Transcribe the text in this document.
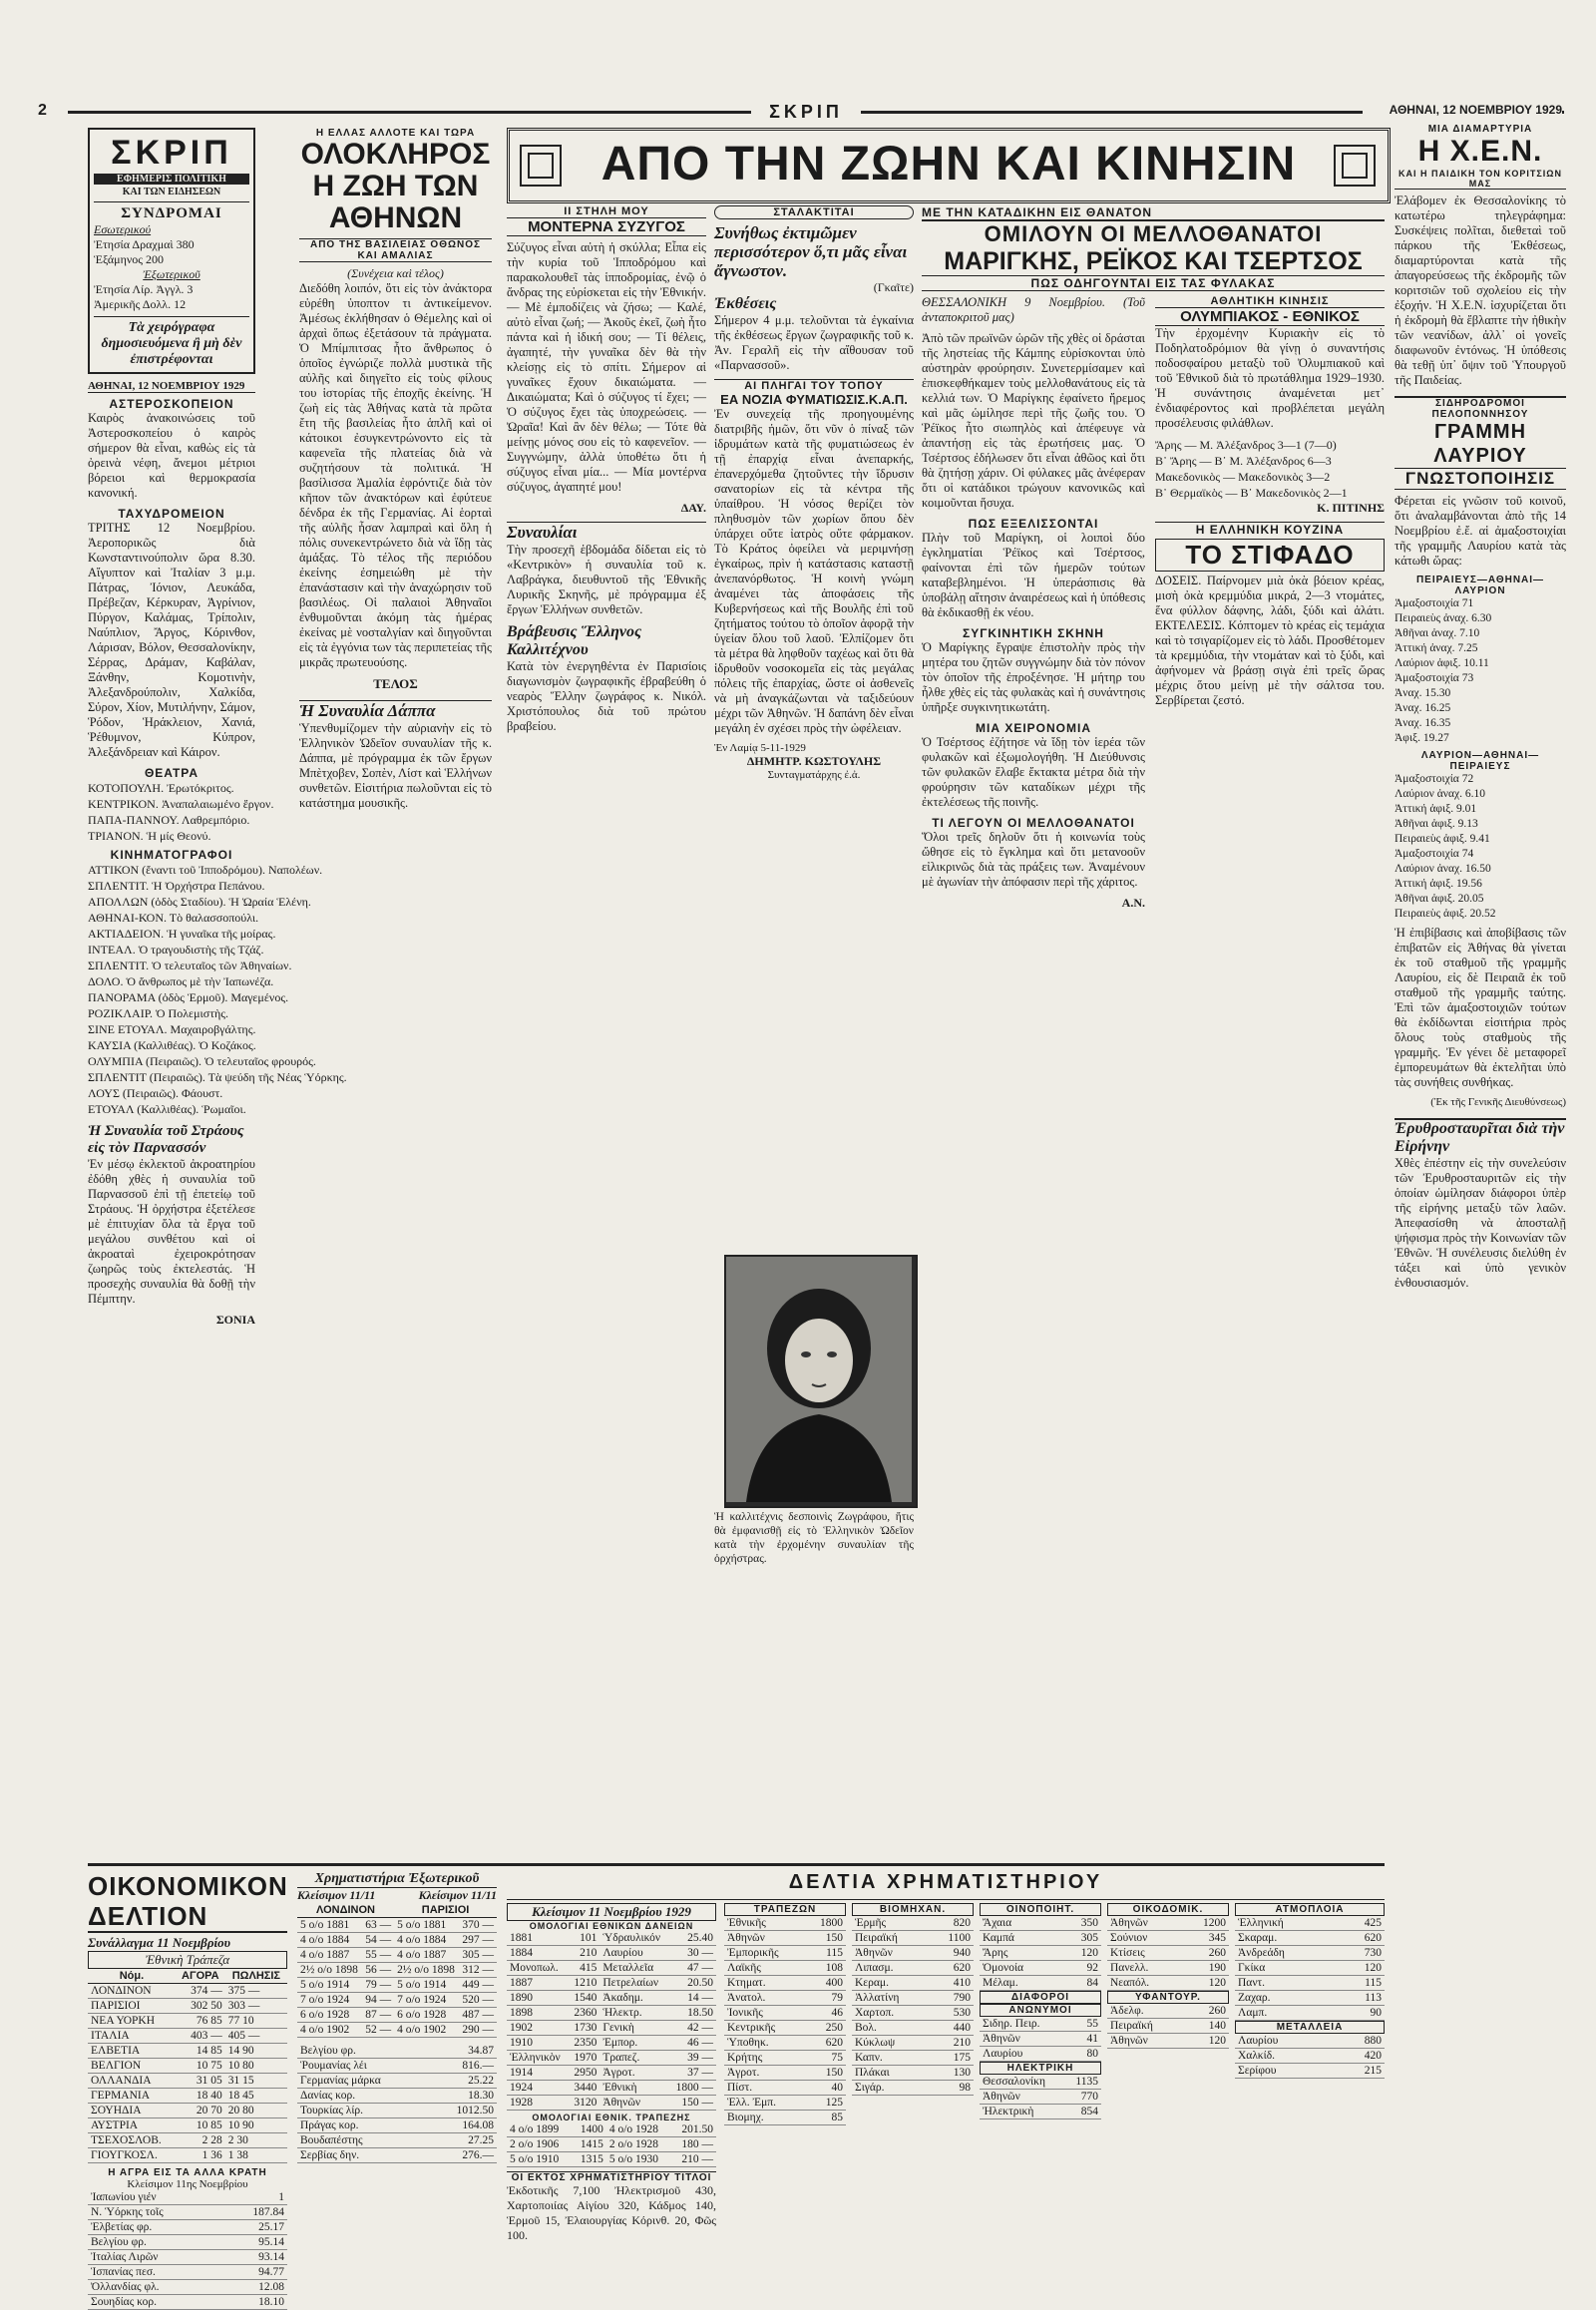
2	ΣΚΡΙΠ	ΑΘΗΝΑΙ, 12 ΝΟΕΜΒΡΙΟΥ 1929
ΣΚΡΙΠ
ΕΦΗΜΕΡΙΣ ΠΟΛΙΤΙΚΗ
ΚΑΙ ΤΩΝ ΕΙΔΗΣΕΩΝ
ΣΥΝΔΡΟΜΑΙ
Εσωτερικού
Ἐτησία Δραχμαὶ 380
Ἑξάμηνος 200
Ἐξωτερικοῦ
Ἐτησία Λίρ. Ἀγγλ. 3
Ἀμερικῆς Δολλ. 12
Τὰ χειρόγραφα δημοσιευόμενα ἢ μὴ δὲν ἐπιστρέφονται
ΑΘΗΝΑΙ, 12 ΝΟΕΜΒΡΙΟΥ 1929
ΑΣΤΕΡΟΣΚΟΠΕΙΟΝ

Καιρὸς ἀνακοινώσεις τοῦ Ἀστεροσκοπείου ὁ καιρὸς σήμερον θὰ εἶναι, καθὼς εἰς τὰ ὀρεινὰ νέφη, ἄνεμοι μέτριοι βόρειοι καὶ θερμοκρασία κανονική.

ΤΑΧΥΔΡΟΜΕΙΟΝ

ΤΡΙΤΗΣ 12 Νοεμβρίου. Ἀεροπορικῶς διὰ Κωνσταντινούπολιν ὥρα 8.30. Αἴγυπτον καὶ Ἰταλίαν 3 μ.μ. Πάτρας, Ἰόνιον, Λευκάδα, Πρέβεζαν, Κέρκυραν, Ἀγρίνιον, Πύργον, Καλάμας, Τρίπολιν, Ναύπλιον, Ἄργος, Κόρινθον, Λάρισαν, Βόλον, Θεσσαλονίκην, Σέρρας, Δράμαν, Καβάλαν, Ξάνθην, Κομοτινὴν, Ἀλεξανδρούπολιν, Χαλκίδα, Σύρον, Χίον, Μυτιλήνην, Σάμον, Ῥόδον, Ἡράκλειον, Χανιά, Ῥέθυμνον, Κύπρον, Ἀλεξάνδρειαν καὶ Κάιρον.

ΘΕΑΤΡΑ
ΚΟΤΟΠΟΥΛΗ. Ἐρωτόκριτος.
ΚΕΝΤΡΙΚΟΝ. Ἀναπαλαιωμένο ἔργον.
ΠΑΠΑ-ΠΑΝΝΟΥ. Λαθρεμπόριο.
ΤΡΙΑΝΟΝ. Ἡ μίς Θεονύ.
ΚΙΝΗΜΑΤΟΓΡΑΦΟΙ
ΑΤΤΙΚΟΝ (ἔναντι τοῦ Ἰπποδρόμου). Ναπολέων.
ΣΠΛΕΝΤΙΤ. Ἡ Ὀρχήστρα Πεπάνου.
ΑΠΟΛΛΩΝ (ὁδὸς Σταδίου). Ἡ Ὡραία Ἑλένη.
ΑΘΗΝΑΙ-ΚΟΝ. Τὸ θαλασσοπούλι.
ΑΚΤΙΑΔΕΙΟΝ. Ἡ γυναῖκα τῆς μοίρας.
ΙΝΤΕΑΛ. Ὁ τραγουδιστὴς τῆς Τζάζ.
ΣΠΛΕΝΤΙΤ. Ὁ τελευταῖος τῶν Ἀθηναίων.
ΔΟΛΟ. Ὁ ἄνθρωπος μὲ τὴν Ἰαπωνέζα.
ΠΑΝΟΡΑΜΑ (ὁδὸς Ἑρμοῦ). Μαγεμένος.
ΡΟΖΙΚΛΑΙΡ. Ὁ Πολεμιστὴς.
ΣΙΝΕ ΕΤΟΥΑΛ. Μαχαιροβγάλτης.
ΚΑΥΣΙΑ (Καλλιθέας). Ὁ Κοζάκος.
ΟΛΥΜΠΙΑ (Πειραιῶς). Ὁ τελευταῖος φρουρός.
ΣΠΛΕΝΤΙΤ (Πειραιῶς). Τὰ ψεύδη τῆς Νέας Ὑόρκης.
ΛΟΥΣ (Πειραιῶς). Φάουστ.
ΕΤΟΥΑΛ (Καλλιθέας). Ῥωμαῖοι.
Ἡ Συναυλία τοῦ Στράους εἰς τὸν Παρνασσόν

Ἐν μέσῳ ἐκλεκτοῦ ἀκροατηρίου ἐδόθη χθὲς ἡ συναυλία τοῦ Παρνασσοῦ ἐπὶ τῇ ἐπετείῳ τοῦ Στράους. Ἡ ὀρχήστρα ἐξετέλεσε μὲ ἐπιτυχίαν ὅλα τὰ ἔργα τοῦ μεγάλου συνθέτου καὶ οἱ ἀκροαταὶ ἐχειροκρότησαν ζωηρῶς τοὺς ἐκτελεστάς. Ἡ προσεχὴς συναυλία θὰ δοθῇ τὴν Πέμπτην.

ΣΟΝΙΑ
Η ΕΛΛΑΣ ΑΛΛΟΤΕ ΚΑΙ ΤΩΡΑ
ΟΛΟΚΛΗΡΟΣ Η ΖΩΗ ΤΩΝ ΑΘΗΝΩΝ
ΑΠΟ ΤΗΣ ΒΑΣΙΛΕΙΑΣ ΟΘΩΝΟΣ ΚΑΙ ΑΜΑΛΙΑΣ
(Συνέχεια καὶ τέλος)

Διεδόθη λοιπόν, ὅτι εἰς τὸν ἀνάκτορα εὑρέθη ὑποπτον τι ἀντικείμενον. Ἀμέσως ἐκλήθησαν ὁ Θέμελης καὶ οἱ ἀρχαὶ ὅπως ἐξετάσουν τὰ πράγματα. Ὁ Μπίμπιτσας ἦτο ἄνθρωπος ὁ ὁποῖος ἐγνώριζε πολλὰ μυστικὰ τῆς αὐλῆς καὶ διηγεῖτο εἰς τοὺς φίλους του ἱστορίας τῆς ἐποχῆς ἐκείνης. Ἡ ζωὴ εἰς τὰς Ἀθήνας κατὰ τὰ πρῶτα ἔτη τῆς βασιλείας ἦτο ἁπλῆ καὶ οἱ κάτοικοι ἐσυγκεντρώνοντο εἰς τὰ καφενεῖα τῆς πλατείας διὰ νὰ συζητήσουν τὰ πολιτικά. Ἡ βασίλισσα Ἀμαλία ἐφρόντιζε διὰ τὸν κῆπον τῶν ἀνακτόρων καὶ ἐφύτευε δένδρα ἐκ τῆς Γερμανίας. Αἱ ἑορταὶ τῆς αὐλῆς ἦσαν λαμπραὶ καὶ ὅλη ἡ πόλις συνεκεντρώνετο διὰ νὰ ἴδῃ τὰς ἁμάξας. Τὸ τέλος τῆς περιόδου ἐκείνης ἐσημειώθη μὲ τὴν ἐπανάστασιν καὶ τὴν ἀναχώρησιν τοῦ βασιλέως. Οἱ παλαιοὶ Ἀθηναῖοι ἐνθυμοῦνται ἀκόμη τὰς ἡμέρας ἐκείνας μὲ νοσταλγίαν καὶ διηγοῦνται εἰς τὰ ἐγγόνια των τὰς περιπετείας τῆς μικρᾶς πρωτευούσης.

ΤΕΛΟΣ
Ἡ Συναυλία Δάππα

Ὑπενθυμίζομεν τὴν αὐριανὴν εἰς τὸ Ἑλληνικὸν Ὠδεῖον συναυλίαν τῆς κ. Δάππα, μὲ πρόγραμμα ἐκ τῶν ἔργων Μπὲτχοβεν, Σοπὲν, Λίστ καὶ Ἑλλήνων συνθετῶν. Εἰσιτήρια πωλοῦνται εἰς τὸ κατάστημα μουσικῆς.

ΑΠΟ ΤΗΝ ΖΩΗΝ ΚΑΙ ΚΙΝΗΣΙΝ
ΙΙ ΣΤΗΛΗ ΜΟΥ
ΜΟΝΤΕΡΝΑ ΣΥΖΥΓΟΣ

Σύζυγος εἶναι αὐτὴ ἡ σκύλλα; Εἶπα εἰς τὴν κυρία τοῦ Ἱπποδρόμου καὶ παρακολουθεῖ τὰς ἱπποδρομίας, ἐνῷ ὁ ἄνδρας της εὑρίσκεται εἰς τὴν Ἐθνικήν. — Μὲ ἐμποδίζεις νὰ ζήσω; — Καλέ, αὐτὸ εἶναι ζωή; — Ἀκοῦς ἐκεῖ, ζωὴ ἦτο πάντα καὶ ἡ ἰδική σου; — Τί θέλεις, ἀγαπητέ, τὴν γυναῖκα δὲν θὰ τὴν κλείσῃς εἰς τὸ σπίτι. Σήμερον αἱ γυναῖκες ἔχουν δικαιώματα. — Δικαιώματα; Καὶ ὁ σύζυγος τί ἔχει; — Ὁ σύζυγος ἔχει τὰς ὑποχρεώσεις. — Ὠραῖα! Καὶ ἂν δὲν θέλω; — Τότε θὰ μείνῃς μόνος σου εἰς τὸ καφενεῖον. — Συγγνώμην, ἀλλὰ ὑποθέτω ὅτι ἡ σύζυγος εἶναι μία... — Μία μοντέρνα σύζυγος, ἀγαπητέ μου!

ΔΑΥ.
Συναυλίαι

Τὴν προσεχῆ ἑβδομάδα δίδεται εἰς τὸ «Κεντρικὸν» ἡ συναυλία τοῦ κ. Λαβράγκα, διευθυντοῦ τῆς Ἐθνικῆς Λυρικῆς Σκηνῆς, μὲ πρόγραμμα ἐξ ἔργων Ἑλλήνων συνθετῶν.

Βράβευσις Ἕλληνος Καλλιτέχνου

Κατὰ τὸν ἐνεργηθέντα ἐν Παρισίοις διαγωνισμὸν ζωγραφικῆς ἐβραβεύθη ὁ νεαρὸς Ἕλλην ζωγράφος κ. Νικόλ. Χριστόπουλος διὰ τοῦ πρώτου βραβείου.

ΣΤΑΛΑΚΤΙΤΑΙ
Συνήθως ἐκτιμῶμεν περισσότερον ὅ,τι μᾶς εἶναι ἄγνωστον.
(Γκαῖτε)
Ἐκθέσεις

Σήμερον 4 μ.μ. τελοῦνται τὰ ἐγκαίνια τῆς ἐκθέσεως ἔργων ζωγραφικῆς τοῦ κ. Ἀν. Γεραλῆ εἰς τὴν αἴθουσαν τοῦ «Παρνασσοῦ».

ΑΙ ΠΛΗΓΑΙ ΤΟΥ ΤΟΠΟΥ
ΕΑ ΝΟΖΙΑ ΦΥΜΑΤΙΩΣΙΣ.Κ.Α.Π.

Ἐν συνεχείᾳ τῆς προηγουμένης διατριβῆς ἡμῶν, ὅτι νῦν ὁ πίναξ τῶν ἰδρυμάτων κατὰ τῆς φυματιώσεως ἐν τῇ ἐπαρχίᾳ εἶναι ἀνεπαρκής, ἐπανερχόμεθα ζητοῦντες τὴν ἵδρυσιν σανατορίων εἰς τὰ κέντρα τῆς ὑπαίθρου. Ἡ νόσος θερίζει τὸν πληθυσμὸν τῶν χωρίων ὅπου δὲν ὑπάρχει οὔτε ἰατρὸς οὔτε φάρμακον. Τὸ Κράτος ὀφείλει νὰ μεριμνήσῃ ἐγκαίρως, πρὶν ἡ κατάστασις καταστῇ ἀνεπανόρθωτος. Ἡ κοινὴ γνώμη ἀναμένει τὰς ἀποφάσεις τῆς Κυβερνήσεως καὶ τῆς Βουλῆς ἐπὶ τοῦ ζητήματος τούτου τὸ ὁποῖον ἀφορᾷ τὴν ὑγείαν ὅλου τοῦ λαοῦ. Ἐλπίζομεν ὅτι τὰ μέτρα θὰ ληφθοῦν ταχέως καὶ ὅτι θὰ ἱδρυθοῦν νοσοκομεῖα εἰς τὰς μεγάλας πόλεις τῆς ἐπαρχίας, ὥστε οἱ ἀσθενεῖς νὰ μὴ ἀναγκάζωνται νὰ ταξιδεύουν μέχρι τῶν Ἀθηνῶν. Ἡ δαπάνη δὲν εἶναι μεγάλη ἐν σχέσει πρὸς τὴν ὠφέλειαν.

Ἐν Λαμίᾳ 5-11-1929
ΔΗΜΗΤΡ. ΚΩΣΤΟΥΛΗΣ
Συνταγματάρχης ἐ.ἀ.
Ἡ καλλιτέχνις δεσποινὶς Ζωγράφου, ἥτις θὰ ἐμφανισθῇ εἰς τὸ Ἑλληνικὸν Ὠδεῖον κατὰ τὴν ἐρχομένην συναυλίαν τῆς ὀρχήστρας.
ΜΕ ΤΗΝ ΚΑΤΑΔΙΚΗΝ ΕΙΣ ΘΑΝΑΤΟΝ
ΟΜΙΛΟΥΝ ΟΙ ΜΕΛΛΟΘΑΝΑΤΟΙ
ΜΑΡΙΓΚΗΣ, ΡΕΪΚΟΣ ΚΑΙ ΤΣΕΡΤΣΟΣ
ΠΩΣ ΟΔΗΓΟΥΝΤΑΙ ΕΙΣ ΤΑΣ ΦΥΛΑΚΑΣ

ΘΕΣΣΑΛΟΝΙΚΗ 9 Νοεμβρίου. (Τοῦ ἀνταποκριτοῦ μας)

Ἀπὸ τῶν πρωϊνῶν ὡρῶν τῆς χθὲς οἱ δράσται τῆς ληστείας τῆς Κάμπης εὑρίσκονται ὑπὸ αὐστηρὰν φρούρησιν. Συνετερμίσαμεν καὶ ἐπισκεφθήκαμεν τοὺς μελλοθανάτους εἰς τὰ κελλιά των. Ὁ Μαρίγκης ἐφαίνετο ἤρεμος καὶ μᾶς ὡμίλησε περὶ τῆς ζωῆς του. Ὁ Ῥέϊκος ἦτο σιωπηλὸς καὶ ἀπέφευγε νὰ ἀπαντήσῃ εἰς τὰς ἐρωτήσεις μας. Ὁ Τσέρτσος ἐδήλωσεν ὅτι εἶναι ἀθῶος καὶ ὅτι θὰ ζητήσῃ χάριν. Οἱ φύλακες μᾶς ἀνέφεραν ὅτι οἱ κατάδικοι τρώγουν κανονικῶς καὶ κοιμοῦνται ἥσυχα.

ΠΩΣ ΕΞΕΛΙΣΣΟΝΤΑΙ

Πλὴν τοῦ Μαρίγκη, οἱ λοιποὶ δύο ἐγκληματίαι Ῥέϊκος καὶ Τσέρτσος, φαίνονται ἐπὶ τῶν ἡμερῶν τούτων καταβεβλημένοι. Ἡ ὑπεράσπισις θὰ ὑποβάλῃ αἴτησιν ἀναιρέσεως καὶ ἡ ὑπόθεσις θὰ ἐκδικασθῇ ἐκ νέου.

ΣΥΓΚΙΝΗΤΙΚΗ ΣΚΗΝΗ

Ὁ Μαρίγκης ἔγραψε ἐπιστολὴν πρὸς τὴν μητέρα του ζητῶν συγγνώμην διὰ τὸν πόνον τὸν ὁποῖον τῆς ἐπροξένησε. Ἡ μήτηρ του ἦλθε χθὲς εἰς τὰς φυλακὰς καὶ ἡ συνάντησις ὑπῆρξε συγκινητικωτάτη.

ΜΙΑ ΧΕΙΡΟΝΟΜΙΑ

Ὁ Τσέρτσος ἐζήτησε νὰ ἴδῃ τὸν ἱερέα τῶν φυλακῶν καὶ ἐξωμολογήθη. Ἡ Διεύθυνσις τῶν φυλακῶν ἔλαβε ἔκτακτα μέτρα διὰ τὴν φρούρησιν τῶν καταδίκων μέχρι τῆς ἐκτελέσεως τῆς ποινῆς.

ΤΙ ΛΕΓΟΥΝ ΟΙ ΜΕΛΛΟΘΑΝΑΤΟΙ

Ὅλοι τρεῖς δηλοῦν ὅτι ἡ κοινωνία τοὺς ὤθησε εἰς τὸ ἔγκλημα καὶ ὅτι μετανοοῦν εἰλικρινῶς διὰ τὰς πράξεις των. Ἀναμένουν μὲ ἀγωνίαν τὴν ἀπόφασιν περὶ τῆς χάριτος.

Α.Ν.
ΑΘΛΗΤΙΚΗ ΚΙΝΗΣΙΣ
ΟΛΥΜΠΙΑΚΟΣ - ΕΘΝΙΚΟΣ

Τὴν ἐρχομένην Κυριακὴν εἰς τὸ Ποδηλατοδρόμιον θὰ γίνῃ ὁ συναντήσις ποδοσφαίρου μεταξὺ τοῦ Ὀλυμπιακοῦ καὶ τοῦ Ἐθνικοῦ διὰ τὸ πρωτάθλημα 1929–1930. Ἡ συνάντησις ἀναμένεται μετ᾽ ἐνδιαφέροντος καὶ προβλέπεται μεγάλη προσέλευσις φιλάθλων.

Ἄρης — Μ. Ἀλέξανδρος 3—1 (7—0)
Β᾽ Ἄρης — Β᾽ Μ. Ἀλέξανδρος 6—3
Μακεδονικὸς — Μακεδονικὸς 3—2
Β᾽ Θερμαϊκὸς — Β᾽ Μακεδονικὸς 2—1
Κ. ΠΙΤΙΝΗΣ
Η ΕΛΛΗΝΙΚΗ ΚΟΥΖΙΝΑ
ΤΟ ΣΤΙΦΑΔΟ

ΔΟΣΕΙΣ. Παίρνομεν μιὰ ὀκὰ βόειον κρέας, μισὴ ὀκὰ κρεμμύδια μικρά, 2—3 ντομάτες, ἕνα φύλλον δάφνης, λάδι, ξύδι καὶ ἀλάτι. ΕΚΤΕΛΕΣΙΣ. Κόπτομεν τὸ κρέας εἰς τεμάχια καὶ τὸ τσιγαρίζομεν εἰς τὸ λάδι. Προσθέτομεν τὰ κρεμμύδια, τὴν ντομάταν καὶ τὸ ξύδι, καὶ ἀφήνομεν νὰ βράσῃ σιγὰ ἐπὶ τρεῖς ὥρας μέχρις ὅτου μείνῃ μὲ τὴν σάλτσα του. Σερβίρεται ζεστό.

ΜΙΑ ΔΙΑΜΑΡΤΥΡΙΑ
Η Χ.Ε.Ν.
ΚΑΙ Η ΠΑΙΔΙΚΗ ΤΟΝ ΚΟΡΙΤΣΙΩΝ ΜΑΣ

Ἐλάβομεν ἐκ Θεσσαλονίκης τὸ κατωτέρω τηλεγράφημα: Συσκέψεις πολῖται, διεθεταὶ τοῦ πάρκου τῆς Ἐκθέσεως, διαμαρτύρονται κατὰ τῆς ἀπαγορεύσεως τῆς ἐκδρομῆς τῶν κοριτσιῶν τοῦ σχολείου εἰς τὴν ἐξοχήν. Ἡ Χ.Ε.Ν. ἰσχυρίζεται ὅτι ἡ ἐκδρομὴ θὰ ἔβλαπτε τὴν ἠθικὴν τῶν νεανίδων, ἀλλ᾽ οἱ γονεῖς διαφωνοῦν ἐντόνως. Ἡ ὑπόθεσις θὰ τεθῇ ὑπ᾽ ὄψιν τοῦ Ὑπουργοῦ τῆς Παιδείας.

ΣΙΔΗΡΟΔΡΟΜΟΙ ΠΕΛΟΠΟΝΝΗΣΟΥ
ΓΡΑΜΜΗ ΛΑΥΡΙΟΥ
ΓΝΩΣΤΟΠΟΙΗΣΙΣ

Φέρεται εἰς γνῶσιν τοῦ κοινοῦ, ὅτι ἀναλαμβάνονται ἀπὸ τῆς 14 Νοεμβρίου ἐ.ἔ. αἱ ἀμαξοστοιχίαι τῆς γραμμῆς Λαυρίου κατὰ τὰς κάτωθι ὥρας:

ΠΕΙΡΑΙΕΥΣ—ΑΘΗΝΑΙ—ΛΑΥΡΙΟΝ
Ἁμαξοστοιχία 71
Πειραιεὺς ἀναχ. 6.30
Ἀθῆναι ἀναχ. 7.10
Ἀττική ἀναχ. 7.25
Λαύριον ἀφιξ. 10.11
Ἁμαξοστοιχία 73
Ἀναχ. 15.30
Ἀναχ. 16.25
Ἀναχ. 16.35
Ἀφιξ. 19.27
ΛΑΥΡΙΟΝ—ΑΘΗΝΑΙ—ΠΕΙΡΑΙΕΥΣ
Ἁμαξοστοιχία 72
Λαύριον ἀναχ. 6.10
Ἀττική ἀφιξ. 9.01
Ἀθῆναι ἀφιξ. 9.13
Πειραιεὺς ἀφιξ. 9.41
Ἁμαξοστοιχία 74
Λαύριον ἀναχ. 16.50
Ἀττική ἀφιξ. 19.56
Ἀθῆναι ἀφιξ. 20.05
Πειραιεὺς ἀφιξ. 20.52

Ἡ ἐπιβίβασις καὶ ἀποβίβασις τῶν ἐπιβατῶν εἰς Ἀθήνας θὰ γίνεται ἐκ τοῦ σταθμοῦ τῆς γραμμῆς Λαυρίου, εἰς δὲ Πειραιᾶ ἐκ τοῦ σταθμοῦ τῆς γραμμῆς ταύτης. Ἐπὶ τῶν ἀμαξοστοιχιῶν τούτων θὰ ἐκδίδωνται εἰσιτήρια πρὸς ὅλους τοὺς σταθμοὺς τῆς γραμμῆς. Ἐν γένει δὲ μεταφορεῖ ἐμπορευμάτων θὰ ἐκτελῆται ὑπὸ τὰς συνήθεις συνθήκας.

(Ἐκ τῆς Γενικῆς Διευθύνσεως)
Ἐρυθροσταυρῖται διὰ τὴν Εἰρήνην

Χθὲς ἐπέστην εἰς τὴν συνελεύσιν τῶν Ἐρυθροσταυριτῶν εἰς τὴν ὁποίαν ὡμίλησαν διάφοροι ὑπὲρ τῆς εἰρήνης μεταξὺ τῶν λαῶν. Ἀπεφασίσθη νὰ ἀποσταλῇ ψήφισμα πρὸς τὴν Κοινωνίαν τῶν Ἐθνῶν. Ἡ συνέλευσις διελύθη ἐν τάξει καὶ ὑπὸ γενικὸν ἐνθουσιασμόν.

ΟΙΚΟΝΟΜΙΚΟΝ ΔΕΛΤΙΟΝ
Συνάλλαγμα 11 Νοεμβρίου
Ἐθνικὴ Τράπεζα
Νόμ.	ΑΓΟΡΑ	ΠΩΛΗΣΙΣ
ΛΟΝΔΙΝΟΝ	374 —	375 —
ΠΑΡΙΣΙΟΙ	302 50	303 —
ΝΕΑ ΥΟΡΚΗ	76 85	77 10
ΙΤΑΛΙΑ	403 —	405 —
ΕΛΒΕΤΙΑ	14 85	14 90
ΒΕΛΓΙΟΝ	10 75	10 80
ΟΛΛΑΝΔΙΑ	31 05	31 15
ΓΕΡΜΑΝΙΑ	18 40	18 45
ΣΟΥΗΔΙΑ	20 70	20 80
ΑΥΣΤΡΙΑ	10 85	10 90
ΤΣΕΧΟΣΛΟΒ.	2 28	2 30
ΓΙΟΥΓΚΟΣΛ.	1 36	1 38
Η ΑΓΡΑ ΕΙΣ ΤΑ ΑΛΛΑ ΚΡΑΤΗ
Κλείσιμον 11ης Νοεμβρίου
Ἰαπωνίου γιέν	1
Ν. Ὑόρκης τοῖς	187.84
Ἐλβετίας φρ.	25.17
Βελγίου φρ.	95.14
Ἰταλίας Λιρῶν	93.14
Ἱσπανίας πεσ.	94.77
Ὀλλανδίας φλ.	12.08
Σουηδίας κορ.	18.10
Χρηματιστήρια Ἐξωτερικοῦ
Κλείσιμον 11/11	Κλείσιμον 11/11
ΛΟΝΔΙΝΟΝ		ΠΑΡΙΣΙΟΙ	
5 ο/ο 1881	63 —	5 ο/ο 1881	370 —
4 ο/ο 1884	54 —	4 ο/ο 1884	297 —
4 ο/ο 1887	55 —	4 ο/ο 1887	305 —
2½ ο/ο 1898	56 —	2½ ο/ο 1898	312 —
5 ο/ο 1914	79 —	5 ο/ο 1914	449 —
7 ο/ο 1924	94 —	7 ο/ο 1924	520 —
6 ο/ο 1928	87 —	6 ο/ο 1928	487 —
4 ο/ο 1902	52 —	4 ο/ο 1902	290 —
Βελγίου φρ.	34.87
Ῥουμανίας λέι	816.—
Γερμανίας μάρκα	25.22
Δανίας κορ.	18.30
Τουρκίας λίρ.	1012.50
Πράγας κορ.	164.08
Βουδαπέστης	27.25
Σερβίας δην.	276.—
ΔΕΛΤΙΑ ΧΡΗΜΑΤΙΣΤΗΡΙΟΥ
Κλείσιμον 11 Νοεμβρίου 1929
ΟΜΟΛΟΓΙΑΙ ΕΘΝΙΚΩΝ ΔΑΝΕΙΩΝ
1881	101	Ὑδραυλικόν	25.40
1884	210	Λαυρίου	30 —
Μονοπωλ.	415	Μεταλλεῖα	47 —
1887	1210	Πετρελαίων	20.50
1890	1540	Ἀκαδημ.	14 —
1898	2360	Ἡλεκτρ.	18.50
1902	1730	Γενικὴ	42 —
1910	2350	Ἐμπορ.	46 —
Ἑλληνικὸν	1970	Τραπεζ.	39 —
1914	2950	Ἀγροτ.	37 —
1924	3440	Ἐθνικὴ	1800 —
1928	3120	Ἀθηνῶν	150 —
ΟΜΟΛΟΓΙΑΙ ΕΘΝΙΚ. ΤΡΑΠΕΖΗΣ
4 ο/ο 1899	1400	4 ο/ο 1928	201.50
2 ο/ο 1906	1415	2 ο/ο 1928	180 —
5 ο/ο 1910	1315	5 ο/ο 1930	210 —
ΟΙ ΕΚΤΟΣ ΧΡΗΜΑΤΙΣΤΗΡΙΟΥ ΤΙΤΛΟΙ

Ἐκδοτικῆς 7,100 Ἠλεκτρισμοῦ 430, Χαρτοποιίας Αἰγίου 320, Κάδμος 140, Ἑρμοῦ 15, Ἐλαιουργίας Κόρινθ. 20, Φῶς 100.

ΤΡΑΠΕΖΩΝ
Ἐθνικῆς	1800
Ἀθηνῶν	150
Ἐμπορικῆς	115
Λαϊκῆς	108
Κτηματ.	400
Ἀνατολ.	79
Ἰονικῆς	46
Κεντρικῆς	250
Ὑποθηκ.	620
Κρήτης	75
Ἀγροτ.	150
Πίστ.	40
Ἑλλ. Ἐμπ.	125
Βιομηχ.	85
ΒΙΟΜΗΧΑΝ.
Ἑρμῆς	820
Πειραϊκή	1100
Ἀθηνῶν	940
Λιπασμ.	620
Κεραμ.	410
Ἀλλατίνη	790
Χαρτοπ.	530
Βολ.	440
Κύκλωψ	210
Καπν.	175
Πλάκαι	130
Σιγάρ.	98
ΟΙΝΟΠΟΙΗΤ.
Ἄχαια	350
Καμπά	305
Ἄρης	120
Ὁμονοία	92
Μέλαμ.	84
ΔΙΑΦΟΡΟΙ
ΑΝΩΝΥΜΟΙ
Σιδηρ. Πειρ.	55
Ἀθηνῶν	41
Λαυρίου	80
ΗΛΕΚΤΡΙΚΗ
Θεσσαλονίκη	1135
Ἀθηνῶν	770
Ἠλεκτρικὴ	854
ΟΙΚΟΔΟΜΙΚ.
Ἀθηνῶν	1200
Σούνιον	345
Κτίσεις	260
Πανελλ.	190
Νεαπόλ.	120
ΥΦΑΝΤΟΥΡ.
Ἀδελφ.	260
Πειραϊκή	140
Ἀθηνῶν	120
ΑΤΜΟΠΛΟΙΑ
Ἑλληνική	425
Σκαραμ.	620
Ἀνδρεάδη	730
Γκίκα	120
Παντ.	115
Ζαχαρ.	113
Λαμπ.	90
ΜΕΤΑΛΛΕΙΑ
Λαυρίου	880
Χαλκίδ.	420
Σερίφου	215
